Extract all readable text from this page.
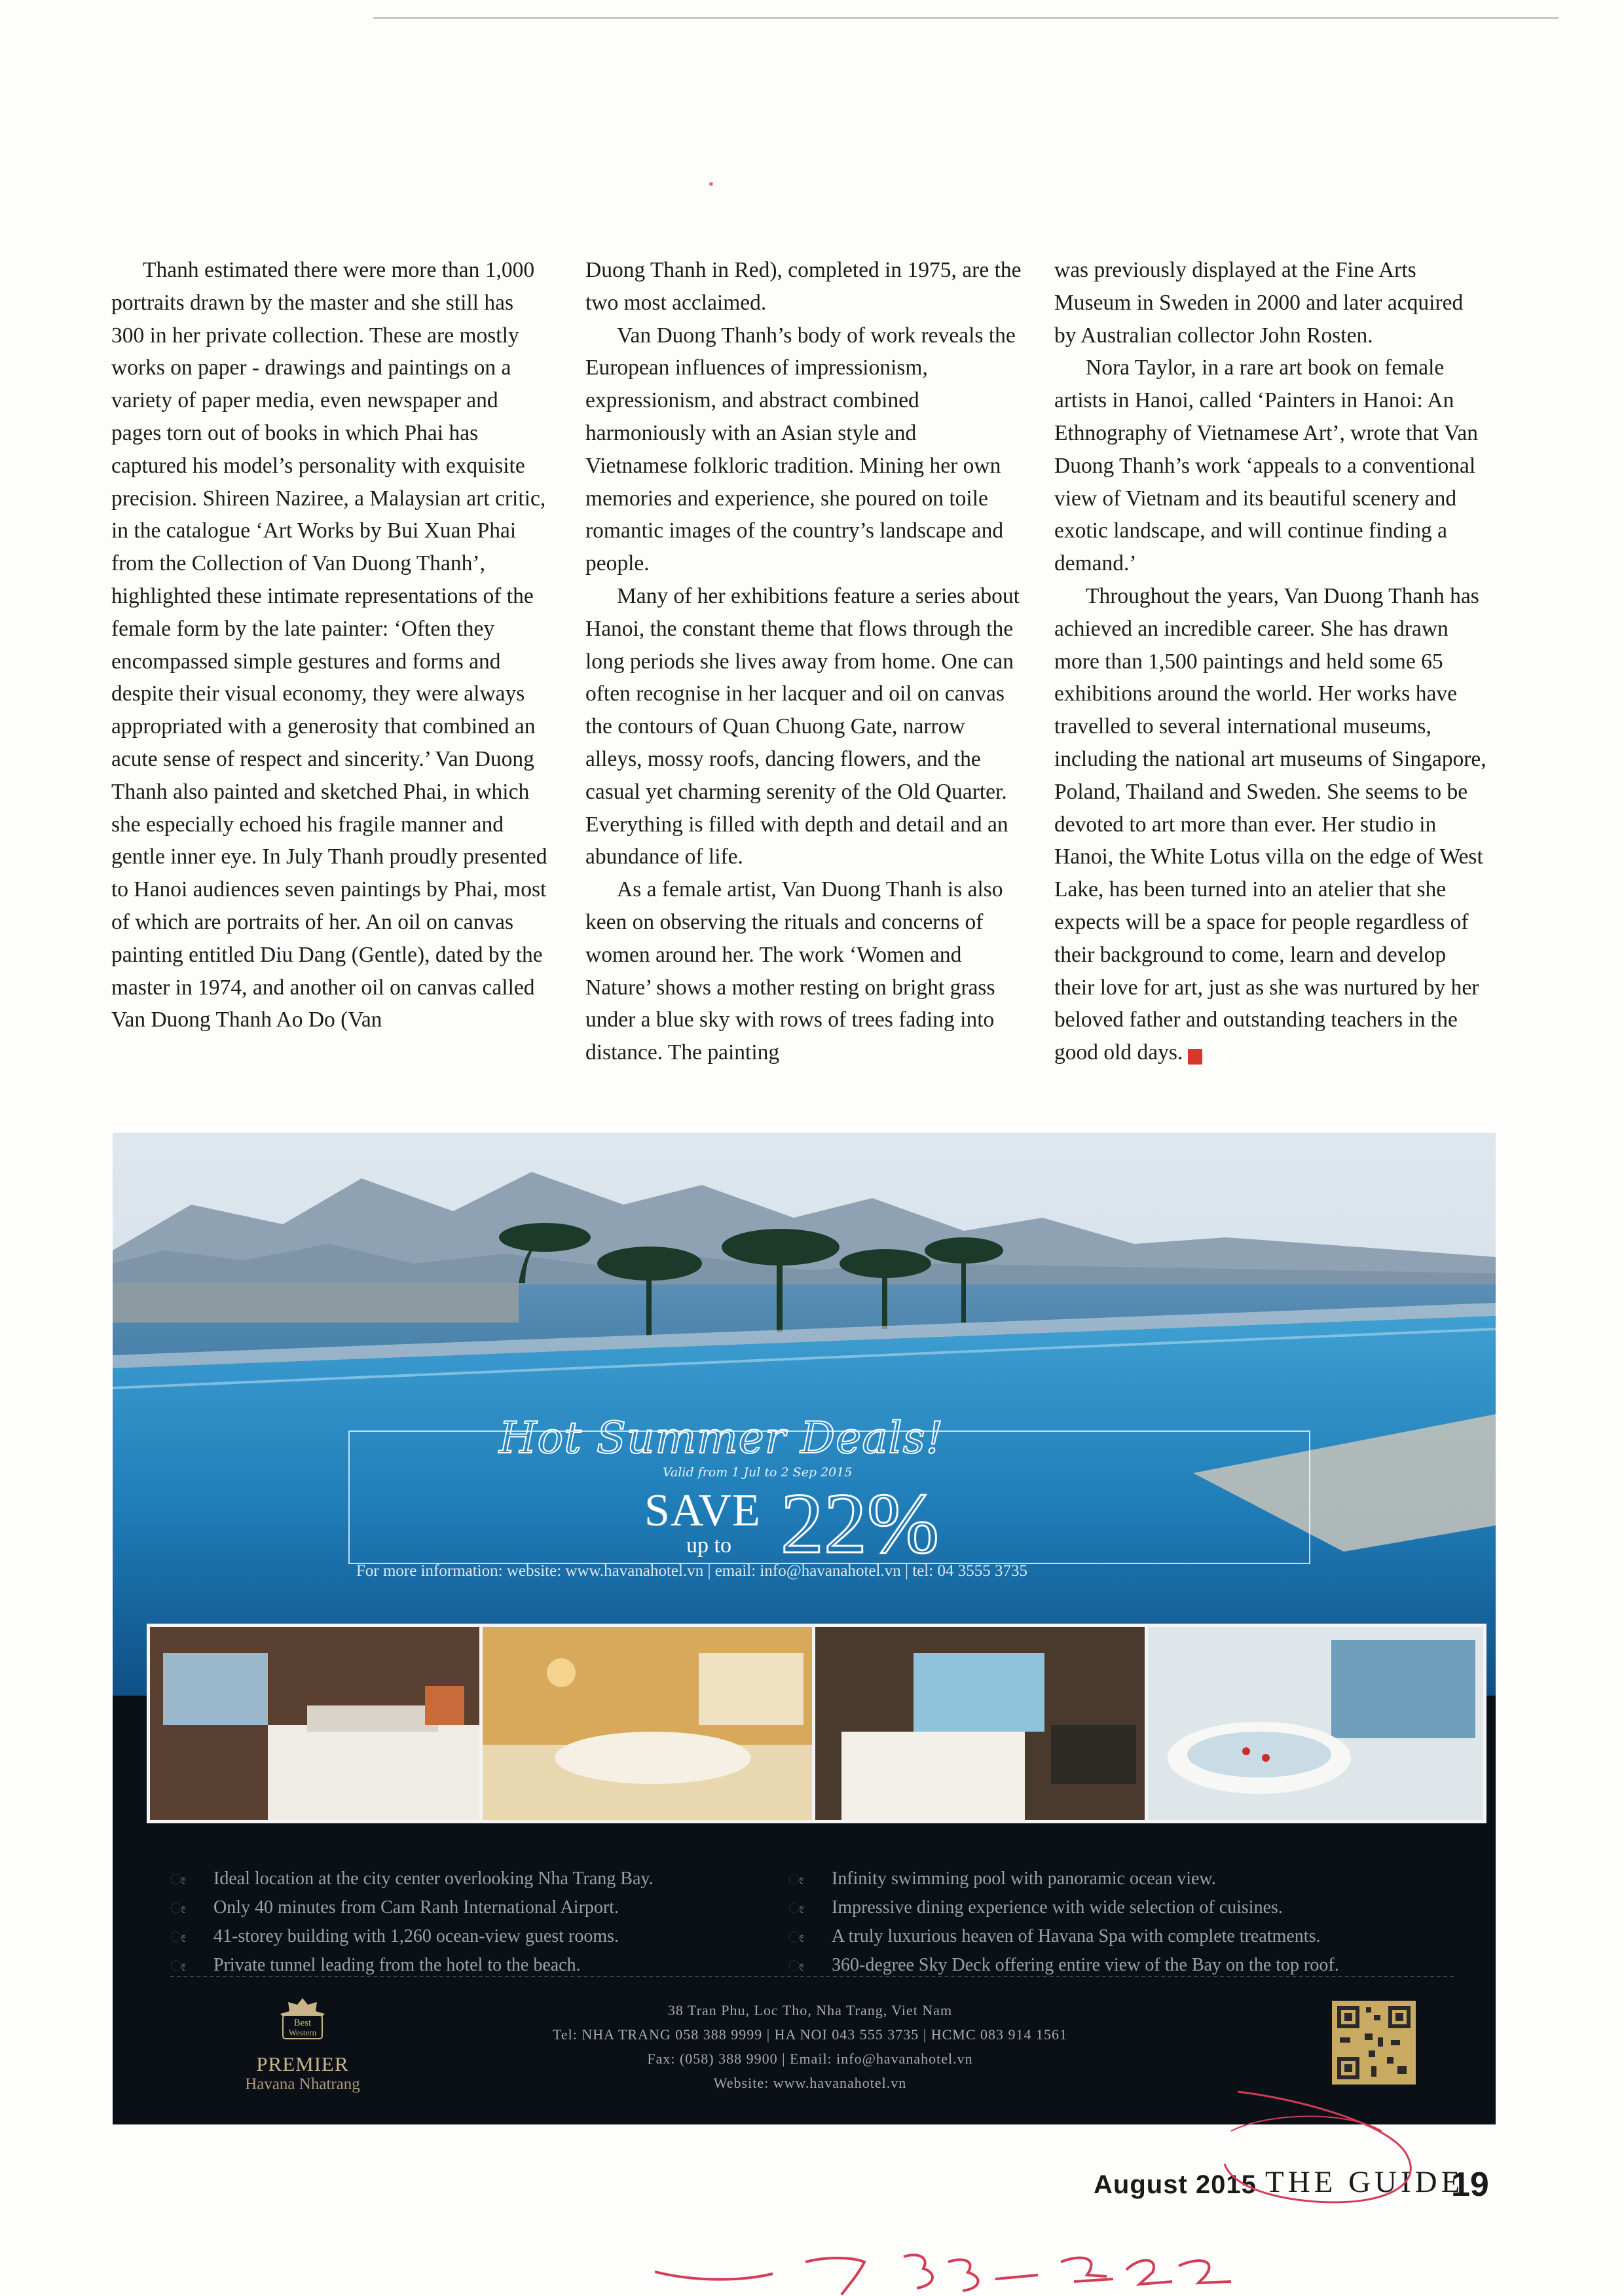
Thanh estimated there were more than 1,000 portraits drawn by the master and she still has 300 in her private collection. These are mostly works on paper - drawings and paintings on a variety of paper media, even newspaper and pages torn out of books in which Phai has captured his model’s personality with exquisite precision. Shireen Naziree, a Malaysian art critic, in the catalogue ‘Art Works by Bui Xuan Phai from the Collection of Van Duong Thanh’, highlighted these intimate representations of the female form by the late painter: ‘Often they encompassed simple gestures and forms and despite their visual economy, they were always appropriated with a generosity that combined an acute sense of respect and sincerity.’ Van Duong Thanh also painted and sketched Phai, in which she especially echoed his fragile manner and gentle inner eye. In July Thanh proudly presented to Hanoi audiences seven paintings by Phai, most of which are portraits of her. An oil on canvas painting entitled Diu Dang (Gentle), dated by the master in 1974, and another oil on canvas called Van Duong Thanh Ao Do (Van

Duong Thanh in Red), completed in 1975, are the two most acclaimed.

Van Duong Thanh’s body of work reveals the European influences of impressionism, expressionism, and abstract combined harmoniously with an Asian style and Vietnamese folkloric tradition. Mining her own memories and experience, she poured on toile romantic images of the country’s landscape and people.

Many of her exhibitions feature a series about Hanoi, the constant theme that flows through the long periods she lives away from home. One can often recognise in her lacquer and oil on canvas the contours of Quan Chuong Gate, narrow alleys, mossy roofs, dancing flowers, and the casual yet charming serenity of the Old Quarter. Everything is filled with depth and detail and an abundance of life.

As a female artist, Van Duong Thanh is also keen on observing the rituals and concerns of women around her. The work ‘Women and Nature’ shows a mother resting on bright grass under a blue sky with rows of trees fading into distance. The painting

was previously displayed at the Fine Arts Museum in Sweden in 2000 and later acquired by Australian collector John Rosten.

Nora Taylor, in a rare art book on female artists in Hanoi, called ‘Painters in Hanoi: An Ethnography of Vietnamese Art’, wrote that Van Duong Thanh’s work ‘appeals to a conventional view of Vietnam and its beautiful scenery and exotic landscape, and will continue finding a demand.’

Throughout the years, Van Duong Thanh has achieved an incredible career. She has drawn more than 1,500 paintings and held some 65 exhibitions around the world. Her works have travelled to several international museums, including the national art museums of Singapore, Poland, Thailand and Sweden. She seems to be devoted to art more than ever. Her studio in Hanoi, the White Lotus villa on the edge of West Lake, has been turned into an atelier that she expects will be a space for people regardless of their background to come, learn and develop their love for art, just as she was nurtured by her beloved father and outstanding teachers in the good old days.	E

Hot Summer Deals!
Valid from 1 Jul to 2 Sep 2015
SAVE
up to 22%
For more information: website: www.havanahotel.vn | email: info@havanahotel.vn | tel: 04 3555 3735
ೕ Ideal location at the city center overlooking Nha Trang Bay.
ೕ Only 40 minutes from Cam Ranh International Airport.
ೕ 41-storey building with 1,260 ocean-view guest rooms.
ೕ Private tunnel leading from the hotel to the beach.
ೕ Infinity swimming pool with panoramic ocean view.
ೕ Impressive dining experience with wide selection of cuisines.
ೕ A truly luxurious heaven of Havana Spa with complete treatments.
ೕ 360-degree Sky Deck offering entire view of the Bay on the top roof.
Best
Western
PREMIER
Havana Nhatrang
38 Tran Phu, Loc Tho, Nha Trang, Viet Nam
Tel: NHA TRANG 058 388 9999 | HA NOI 043 555 3735 | HCMC 083 914 1561
Fax: (058) 388 9900 | Email: info@havanahotel.vn
Website: www.havanahotel.vn
August 2015 THE GUIDE
19
